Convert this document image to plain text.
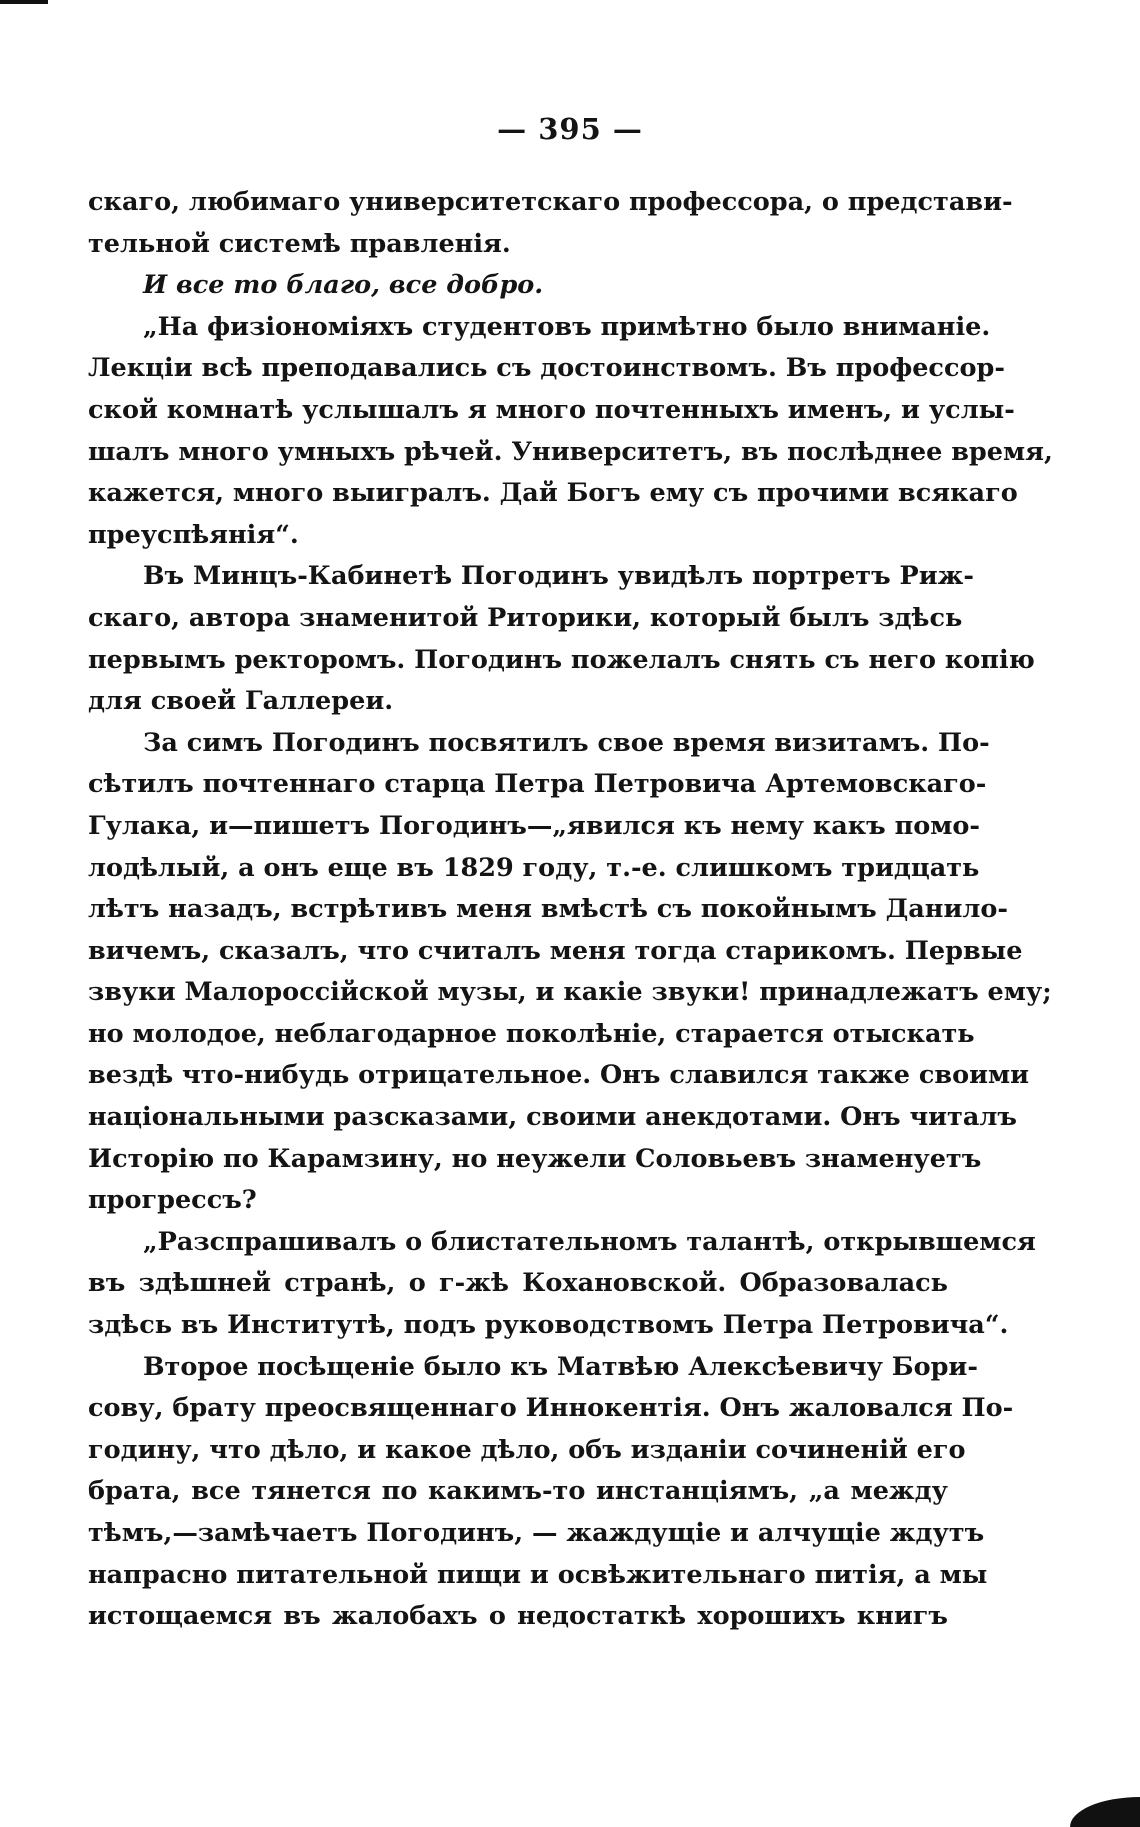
— 395 —
скаго, любимаго университетскаго профессора, о представи-
тельной системѣ правленія.
И все то благо, все добро.
„На физіономіяхъ студентовъ примѣтно было вниманіе.
Лекціи всѣ преподавались съ достоинствомъ. Въ профессор-
ской комнатѣ услышалъ я много почтенныхъ именъ, и услы-
шалъ много умныхъ рѣчей. Университетъ, въ послѣднее время,
кажется, много выигралъ. Дай Богъ ему съ прочими всякаго
преуспѣянія“.
Въ Минцъ-Кабинетѣ Погодинъ увидѣлъ портретъ Риж-
скаго, автора знаменитой Риторики, который былъ здѣсь
первымъ ректоромъ. Погодинъ пожелалъ снять съ него копію
для своей Галлереи.
За симъ Погодинъ посвятилъ свое время визитамъ. По-
сѣтилъ почтеннаго старца Петра Петровича Артемовскаго-
Гулака, и—пишетъ Погодинъ—„явился къ нему какъ помо-
лодѣлый, а онъ еще въ 1829 году, т.-е. слишкомъ тридцать
лѣтъ назадъ, встрѣтивъ меня вмѣстѣ съ покойнымъ Данило-
вичемъ, сказалъ, что считалъ меня тогда старикомъ. Первые
звуки Малороссійской музы, и какіе звуки! принадлежатъ ему;
но молодое, неблагодарное поколѣніе, старается отыскать
вездѣ что-нибудь отрицательное. Онъ славился также своими
національными разсказами, своими анекдотами. Онъ читалъ
Исторію по Карамзину, но неужели Соловьевъ знаменуетъ
прогрессъ?
„Разспрашивалъ о блистательномъ талантѣ, открывшемся
въ здѣшней странѣ, о г-жѣ Кохановской. Образовалась
здѣсь въ Институтѣ, подъ руководствомъ Петра Петровича“.
Второе посѣщеніе было къ Матвѣю Алексѣевичу Бори-
сову, брату преосвященнаго Иннокентія. Онъ жаловался По-
годину, что дѣло, и какое дѣло, объ изданіи сочиненій его
брата, все тянется по какимъ-то инстанціямъ, „а между
тѣмъ,—замѣчаетъ Погодинъ, — жаждущіе и алчущіе ждутъ
напрасно питательной пищи и освѣжительнаго питія, а мы
истощаемся въ жалобахъ о недостаткѣ хорошихъ книгъ
